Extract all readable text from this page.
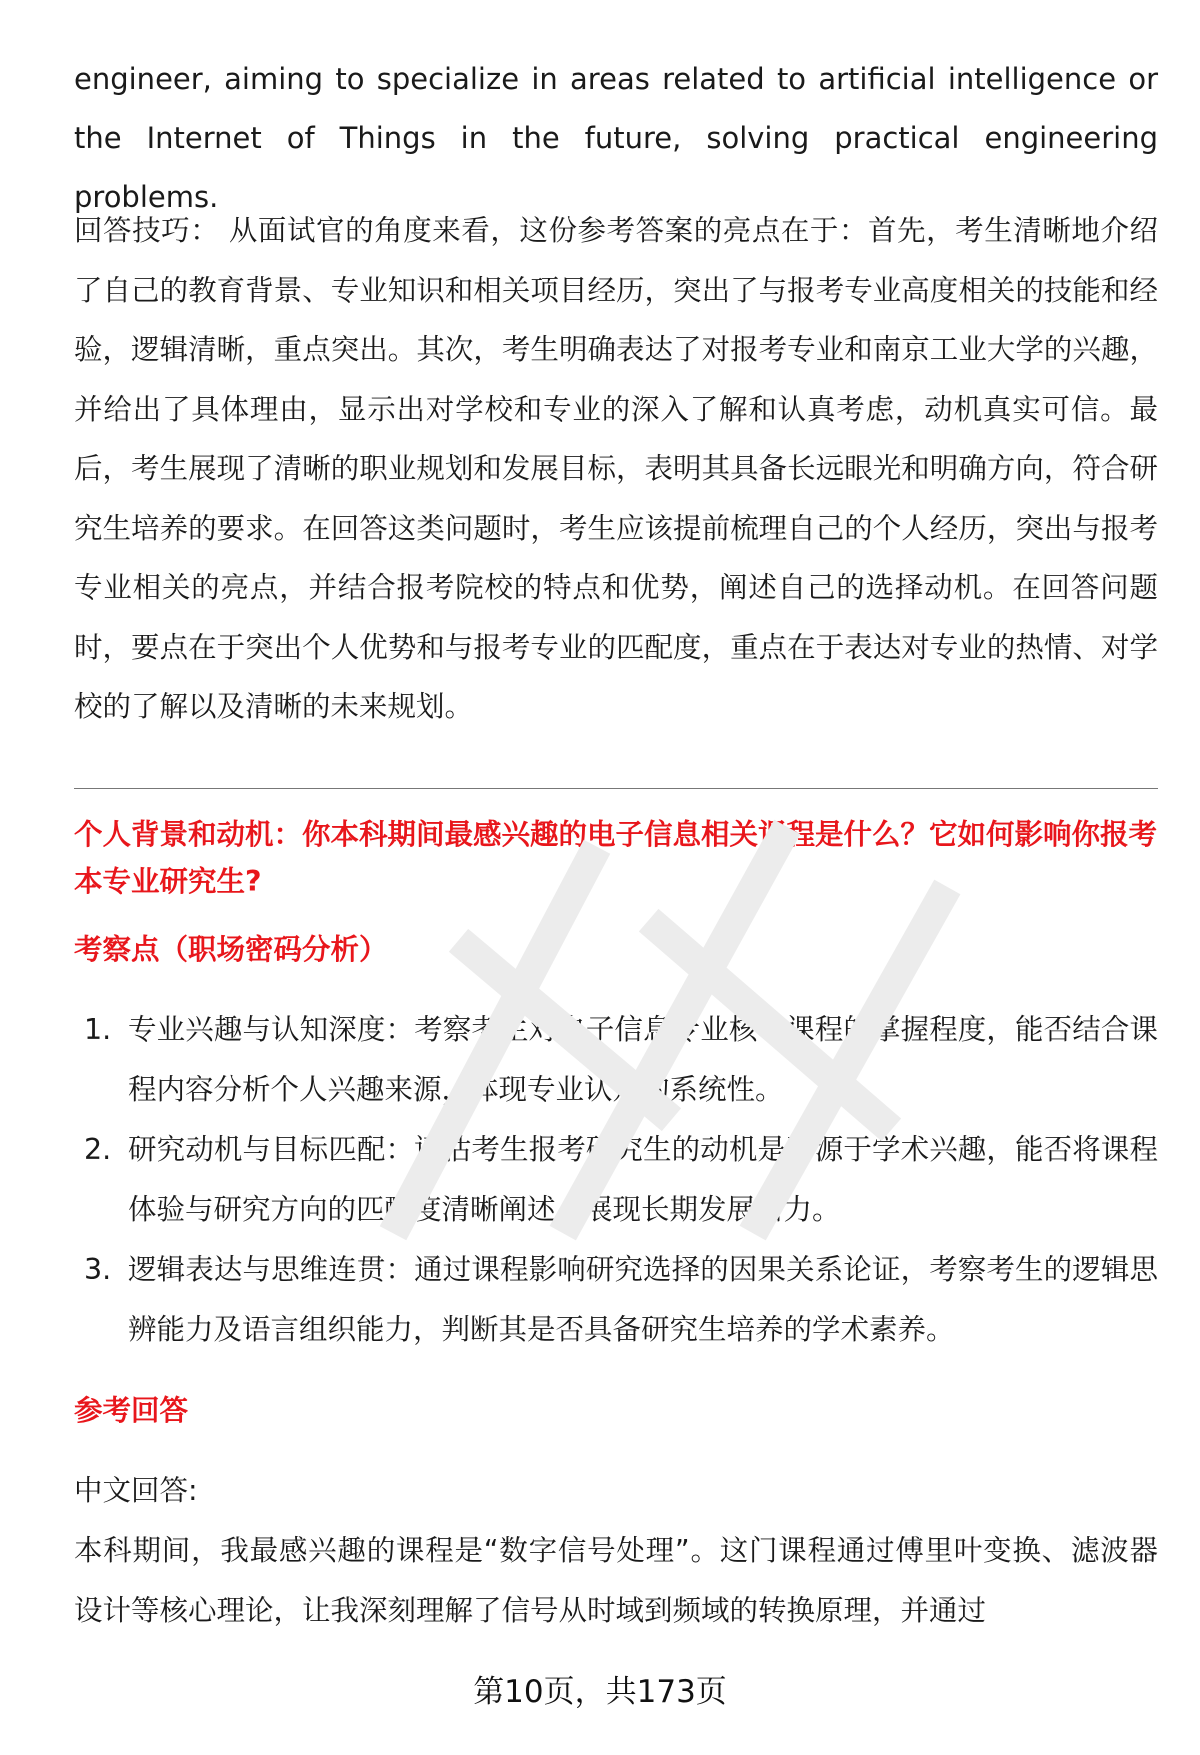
engineer, aiming to specialize in areas related to artificial intelligence or the Internet of Things in the future, solving practical engineering problems.

回答技巧： 从面试官的角度来看，这份参考答案的亮点在于：首先，考生清晰地介绍了自己的教育背景、专业知识和相关项目经历，突出了与报考专业高度相关的技能和经验，逻辑清晰，重点突出。其次，考生明确表达了对报考专业和南京工业大学的兴趣，并给出了具体理由，显示出对学校和专业的深入了解和认真考虑，动机真实可信。最后，考生展现了清晰的职业规划和发展目标，表明其具备长远眼光和明确方向，符合研究生培养的要求。在回答这类问题时，考生应该提前梳理自己的个人经历，突出与报考专业相关的亮点，并结合报考院校的特点和优势，阐述自己的选择动机。在回答问题时，要点在于突出个人优势和与报考专业的匹配度，重点在于表达对专业的热情、对学校的了解以及清晰的未来规划。

个人背景和动机：你本科期间最感兴趣的电子信息相关课程是什么？它如何影响你报考本专业研究生?
考察点（职场密码分析）
1. 专业兴趣与认知深度：考察考生对电子信息专业核心课程的掌握程度，能否结合课程内容分析个人兴趣来源，体现专业认知的系统性。
2. 研究动机与目标匹配：评估考生报考研究生的动机是否源于学术兴趣，能否将课程体验与研究方向的匹配度清晰阐述，展现长期发展潜力。
3. 逻辑表达与思维连贯：通过课程影响研究选择的因果关系论证，考察考生的逻辑思辨能力及语言组织能力，判断其是否具备研究生培养的学术素养。
参考回答

中文回答:

本科期间，我最感兴趣的课程是“数字信号处理”。这门课程通过傅里叶变换、滤波器设计等核心理论，让我深刻理解了信号从时域到频域的转换原理，并通过

第10页，共173页
